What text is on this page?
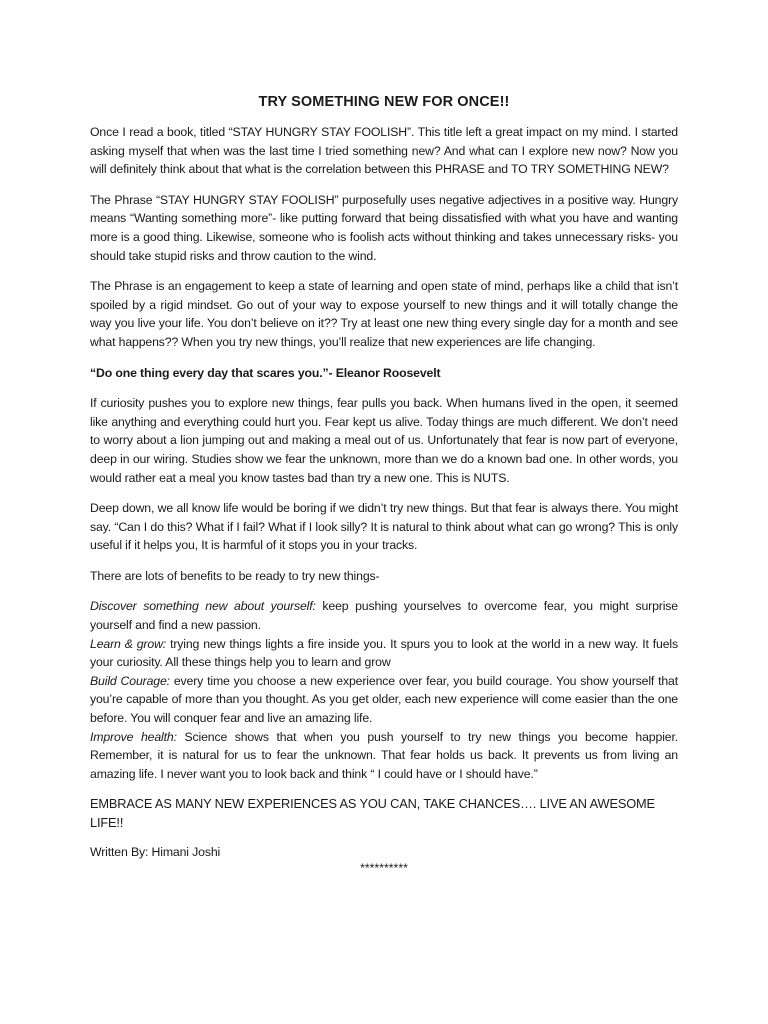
TRY SOMETHING NEW FOR ONCE!!

Once I read a book, titled “STAY HUNGRY STAY FOOLISH”. This title left a great impact on my mind. I started asking myself that when was the last time I tried something new? And what can I explore new now? Now you will definitely think about that what is the correlation between this PHRASE and TO TRY SOMETHING NEW?

The Phrase “STAY HUNGRY STAY FOOLISH” purposefully uses negative adjectives in a positive way. Hungry means “Wanting something more”- like putting forward that being dissatisfied with what you have and wanting more is a good thing. Likewise, someone who is foolish acts without thinking and takes unnecessary risks- you should take stupid risks and throw caution to the wind.

The Phrase is an engagement to keep a state of learning and open state of mind, perhaps like a child that isn’t spoiled by a rigid mindset. Go out of your way to expose yourself to new things and it will totally change the way you live your life. You don’t believe on it?? Try at least one new thing every single day for a month and see what happens?? When you try new things, you’ll realize that new experiences are life changing.

“Do one thing every day that scares you.”- Eleanor Roosevelt

If curiosity pushes you to explore new things, fear pulls you back. When humans lived in the open, it seemed like anything and everything could hurt you. Fear kept us alive. Today things are much different. We don’t need to worry about a lion jumping out and making a meal out of us. Unfortunately that fear is now part of everyone, deep in our wiring. Studies show we fear the unknown, more than we do a known bad one. In other words, you would rather eat a meal you know tastes bad than try a new one. This is NUTS.

Deep down, we all know life would be boring if we didn’t try new things. But that fear is always there. You might say. “Can I do this? What if I fail? What if I look silly? It is natural to think about what can go wrong? This is only useful if it helps you, It is harmful of it stops you in your tracks.

There are lots of benefits to be ready to try new things-

Discover something new about yourself: keep pushing yourselves to overcome fear, you might surprise yourself and find a new passion.

Learn & grow: trying new things lights a fire inside you. It spurs you to look at the world in a new way. It fuels your curiosity. All these things help you to learn and grow

Build Courage: every time you choose a new experience over fear, you build courage. You show yourself that you’re capable of more than you thought. As you get older, each new experience will come easier than the one before. You will conquer fear and live an amazing life.

Improve health: Science shows that when you push yourself to try new things you become happier. Remember, it is natural for us to fear the unknown. That fear holds us back. It prevents us from living an amazing life. I never want you to look back and think “ I could have or I should have.”

EMBRACE AS MANY NEW EXPERIENCES AS YOU CAN, TAKE CHANCES…. LIVE AN AWESOME LIFE!!

Written By: Himani Joshi

**********
